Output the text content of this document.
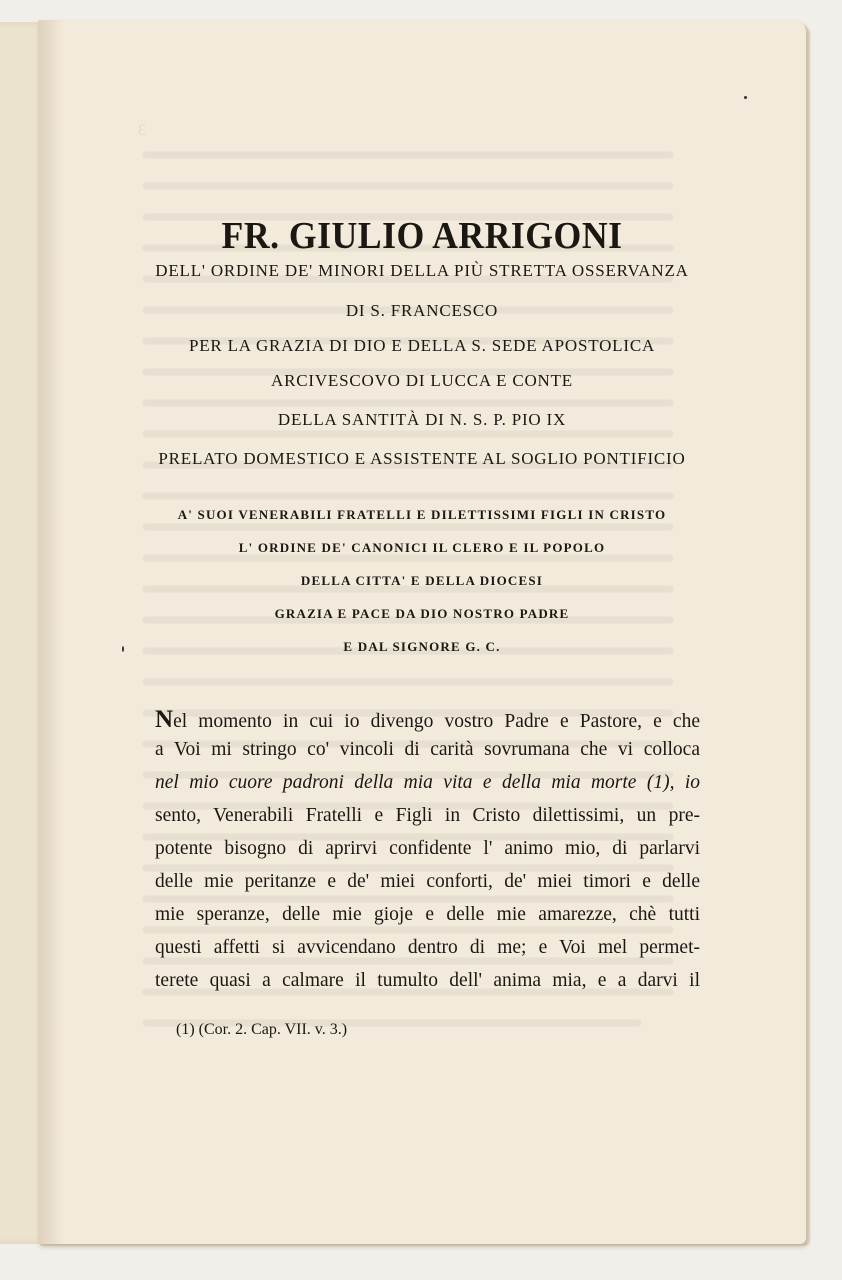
3
FR. GIULIO ARRIGONI
DELL' ORDINE DE' MINORI DELLA PIÙ STRETTA OSSERVANZA
DI S. FRANCESCO
PER LA GRAZIA DI DIO E DELLA S. SEDE APOSTOLICA
ARCIVESCOVO DI LUCCA E CONTE
DELLA SANTITÀ DI N. S. P. PIO IX
PRELATO DOMESTICO E ASSISTENTE AL SOGLIO PONTIFICIO
A' SUOI VENERABILI FRATELLI E DILETTISSIMI FIGLI IN CRISTO
L' ORDINE DE' CANONICI IL CLERO E IL POPOLO
DELLA CITTA' E DELLA DIOCESI
GRAZIA E PACE DA DIO NOSTRO PADRE
E DAL SIGNORE G. C.
Nel momento in cui io divengo vostro Padre e Pastore, e che
a Voi mi stringo co' vincoli di carità sovrumana che vi colloca
nel mio cuore padroni della mia vita e della mia morte (1), io
sento, Venerabili Fratelli e Figli in Cristo dilettissimi, un pre-
potente bisogno di aprirvi confidente l' animo mio, di parlarvi
delle mie peritanze e de' miei conforti, de' miei timori e delle
mie speranze, delle mie gioje e delle mie amarezze, chè tutti
questi affetti si avvicendano dentro di me; e Voi mel permet-
terete quasi a calmare il tumulto dell' anima mia, e a darvi il
(1) (Cor. 2. Cap. VII. v. 3.)
